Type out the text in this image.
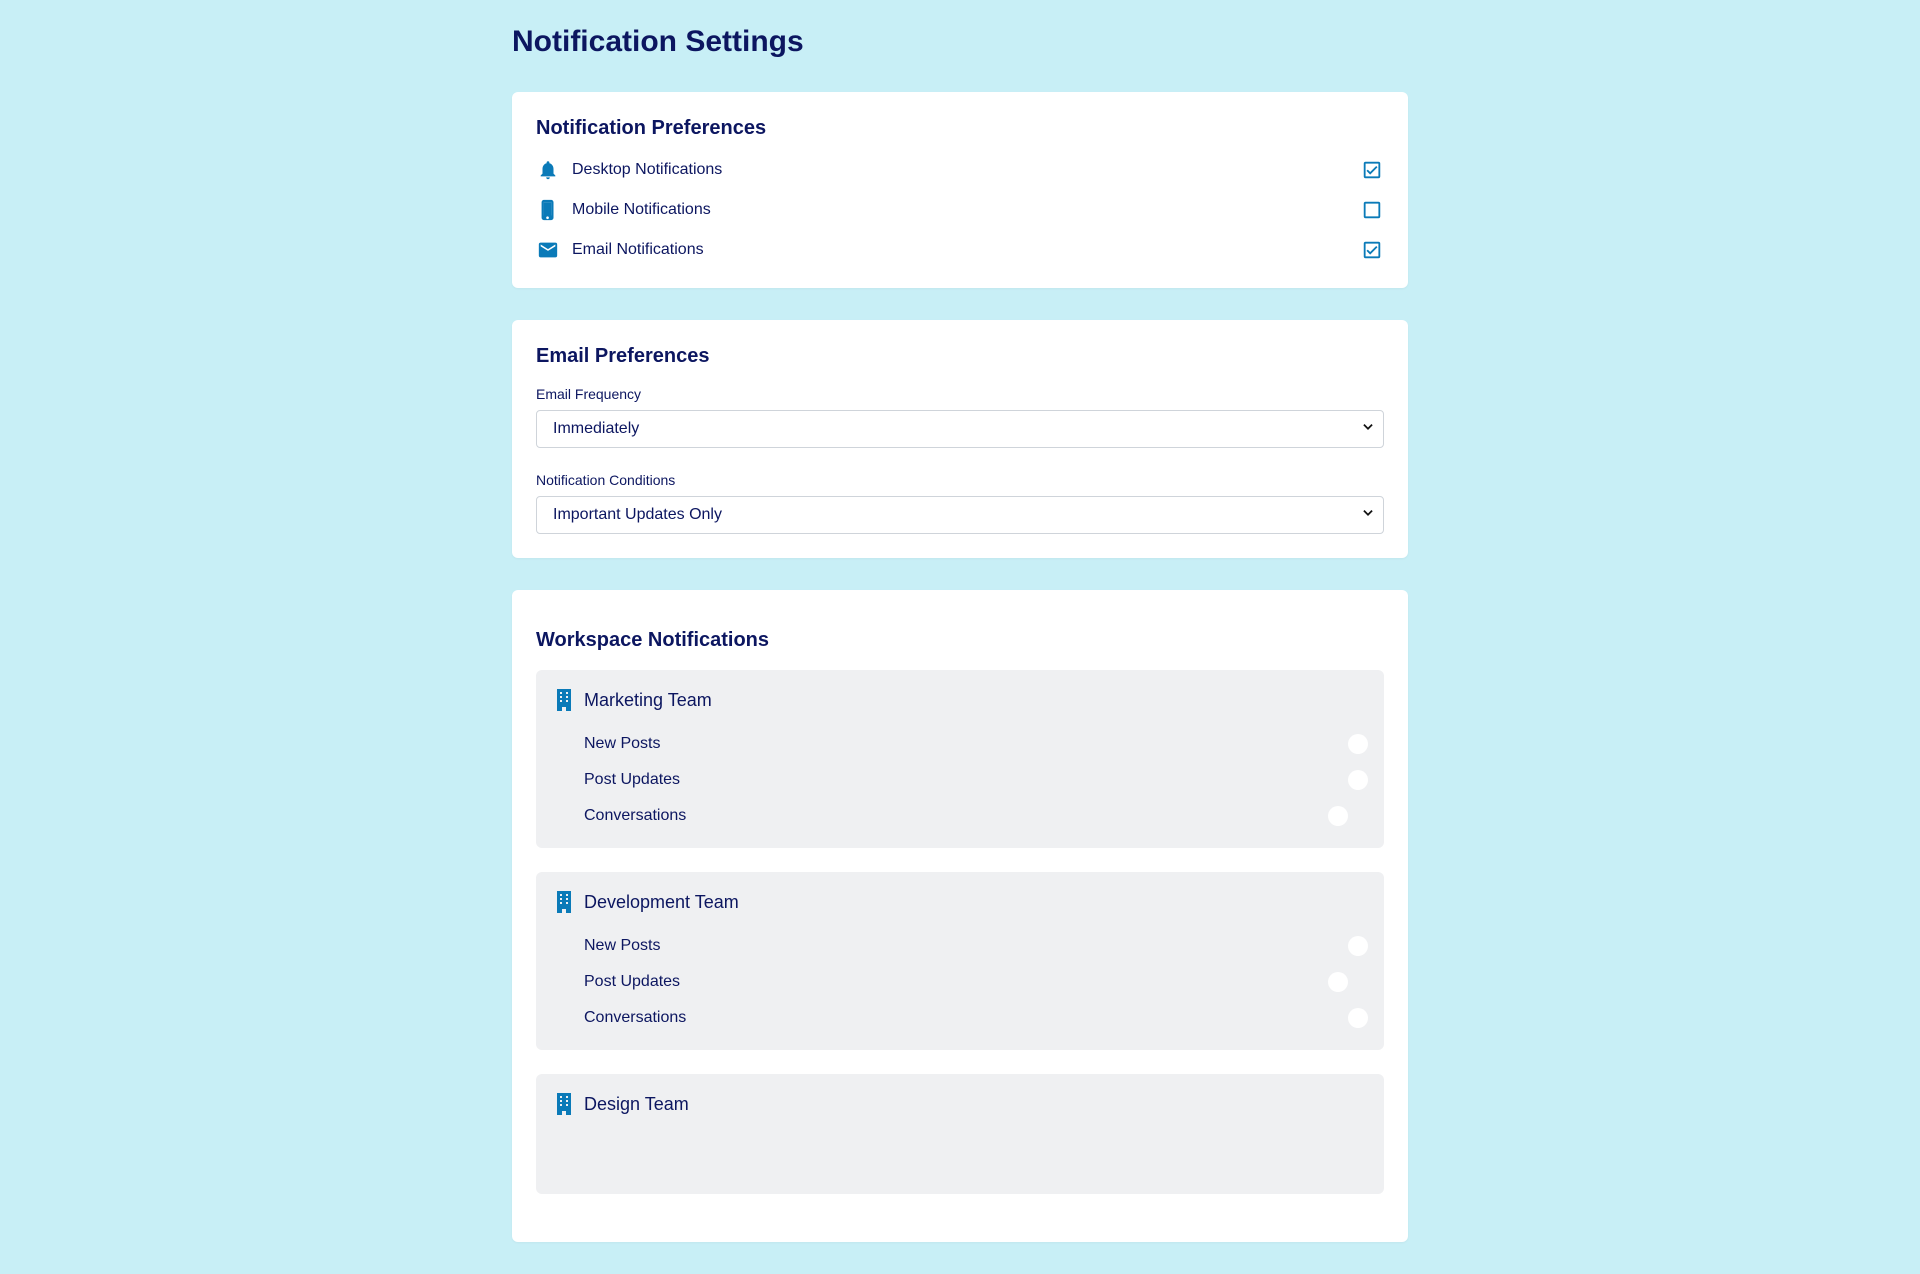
Notification Settings
Notification Preferences
Desktop Notifications
Mobile Notifications
Email Notifications
Email Preferences
Email Frequency
Immediately
Notification Conditions
Important Updates Only
Workspace Notifications
Marketing Team
New Posts
Post Updates
Conversations
Development Team
New Posts
Post Updates
Conversations
Design Team
